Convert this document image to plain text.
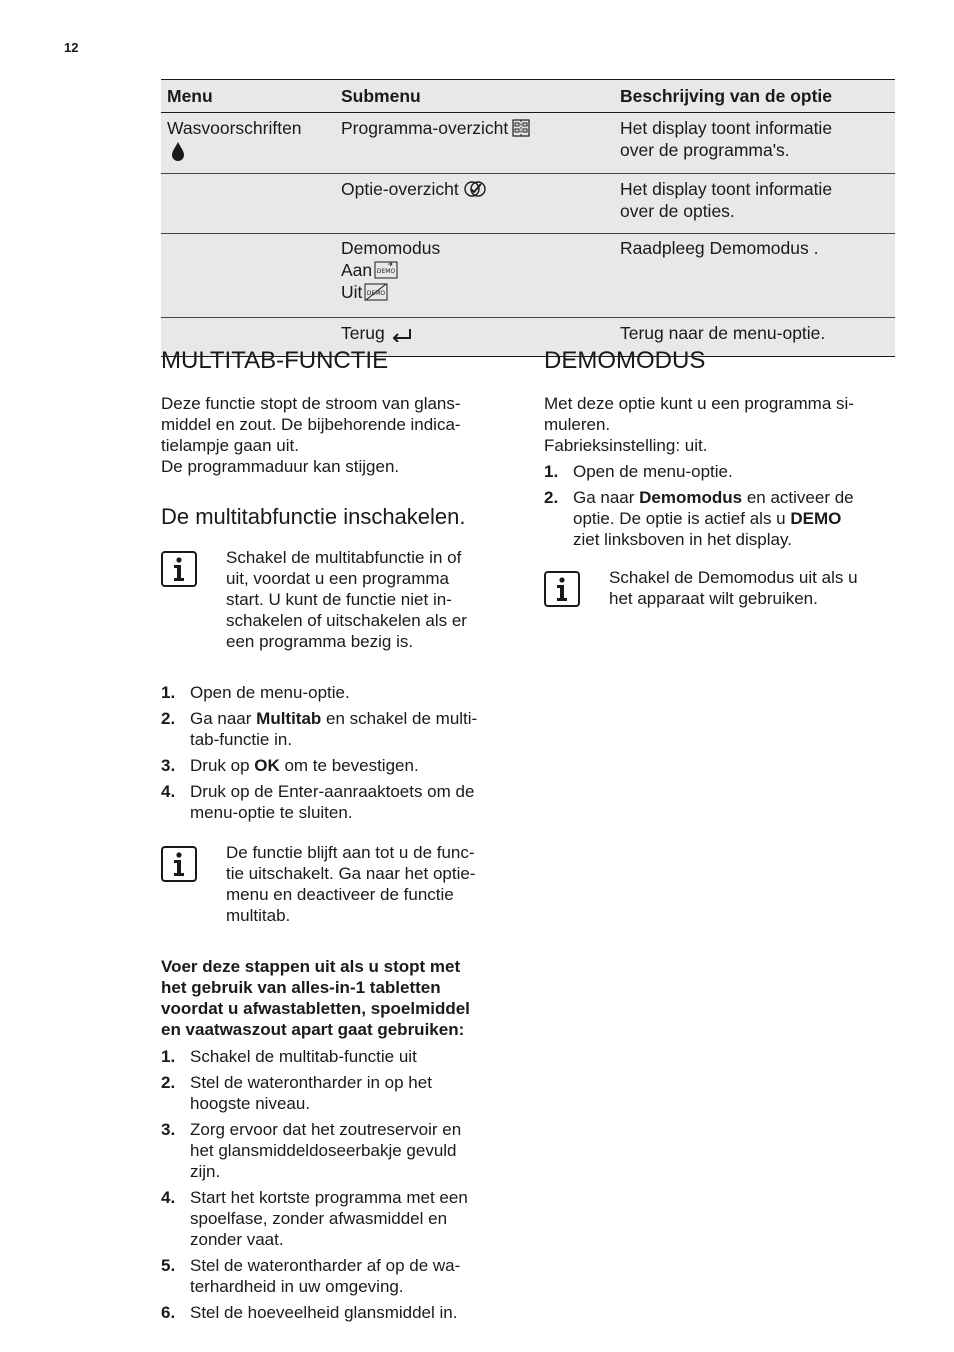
12
Menu	Submenu	Beschrijving van de optie

Wasvoorschriften	Programma-overzicht	Het display toont informatie
over de programma's.

	Optie-overzicht	Het display toont informatie
over de opties.

	Demomodus
Aan DEMO
Uit DEMO	Raadpleeg Demomodus .

	Terug	Terug naar de menu-optie.
MULTITAB-FUNCTIE

Deze functie stopt de stroom van glans-
middel en zout. De bijbehorende indica-
tielampje gaan uit.
De programmaduur kan stijgen.

De multitabfunctie inschakelen.
Schakel de multitabfunctie in of
uit, voordat u een programma
start. U kunt de functie niet in-
schakelen of uitschakelen als er
een programma bezig is.
1. Open de menu-optie.
2. Ga naar Multitab en schakel de multi-
tab-functie in.
3. Druk op OK om te bevestigen.
4. Druk op de Enter-aanraaktoets om de
menu-optie te sluiten.
De functie blijft aan tot u de func-
tie uitschakelt. Ga naar het optie-
menu en deactiveer de functie
multitab.

Voer deze stappen uit als u stopt met
het gebruik van alles-in-1 tabletten
voordat u afwastabletten, spoelmiddel
en vaatwaszout apart gaat gebruiken:

1. Schakel de multitab-functie uit
2. Stel de waterontharder in op het
hoogste niveau.
3. Zorg ervoor dat het zoutreservoir en
het glansmiddeldoseerbakje gevuld
zijn.
4. Start het kortste programma met een
spoelfase, zonder afwasmiddel en
zonder vaat.
5. Stel de waterontharder af op de wa-
terhardheid in uw omgeving.
6. Stel de hoeveelheid glansmiddel in.
DEMOMODUS

Met deze optie kunt u een programma si-
muleren.
Fabrieksinstelling: uit.

1. Open de menu-optie.
2. Ga naar Demomodus en activeer de
optie. De optie is actief als u DEMO
ziet linksboven in het display.
Schakel de Demomodus uit als u
het apparaat wilt gebruiken.
